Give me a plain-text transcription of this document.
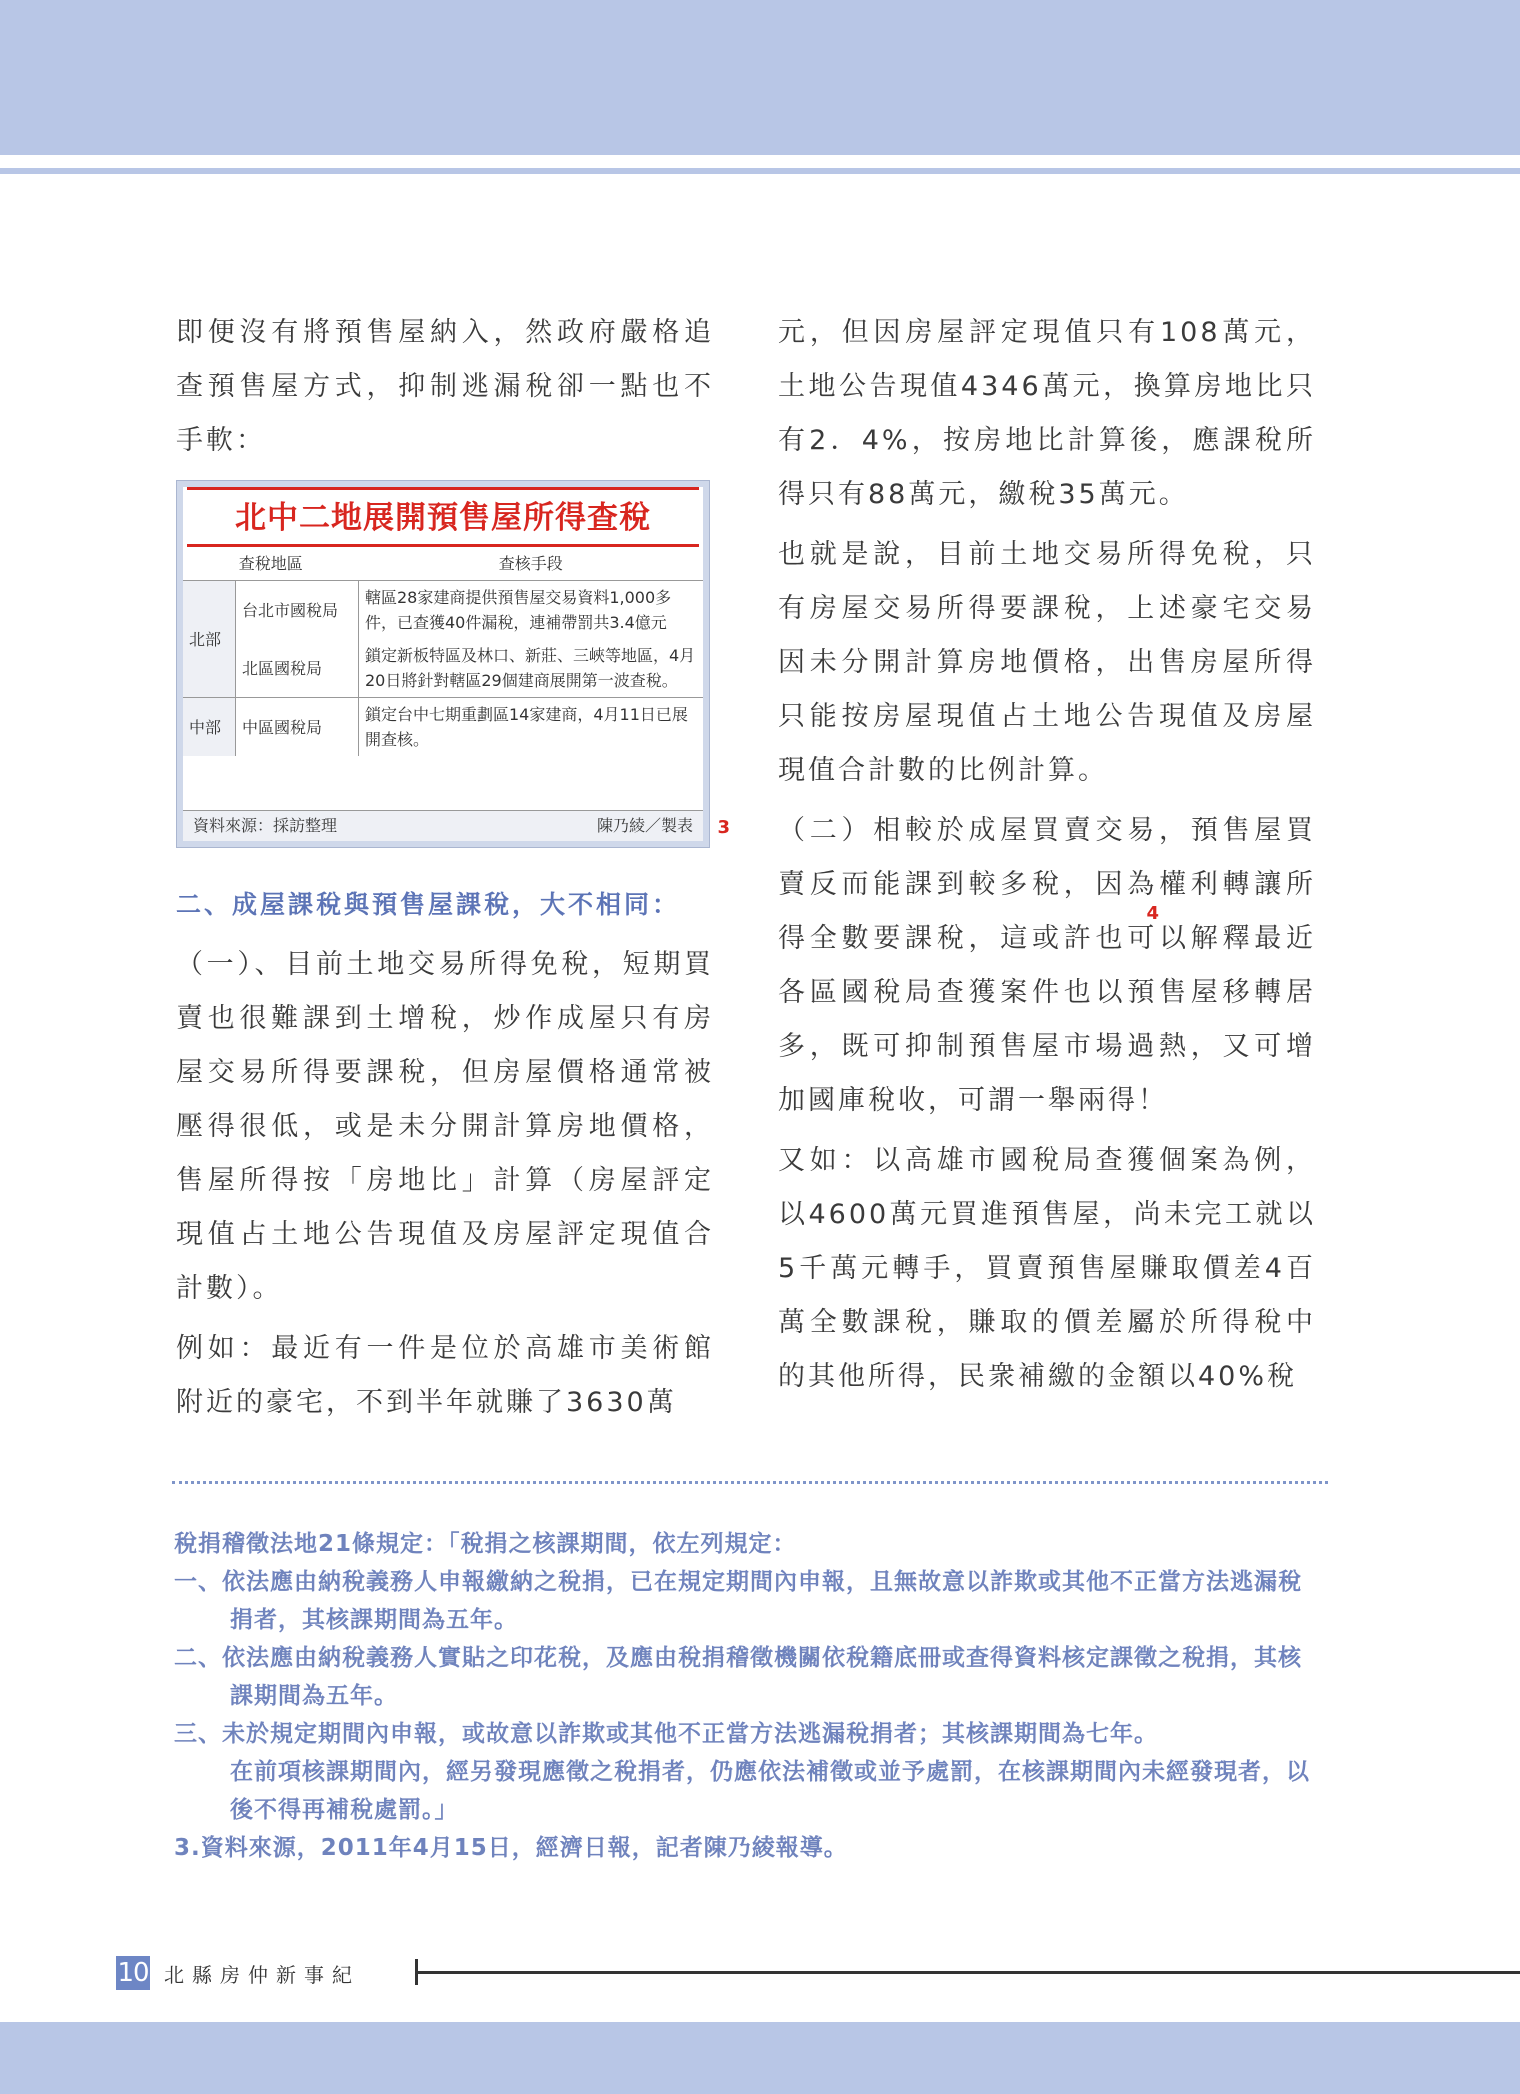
即便沒有將預售屋納入，然政府嚴格追查預售屋方式，抑制逃漏稅卻一點也不手軟：

北中二地展開預售屋所得查稅
查稅地區		查核手段
北部	台北市國稅局	轄區28家建商提供預售屋交易資料1,000多件，已查獲40件漏稅，連補帶罰共3.4億元
	北區國稅局	鎖定新板特區及林口、新莊、三峽等地區，4月20日將針對轄區29個建商展開第一波查稅。
中部	中區國稅局	鎖定台中七期重劃區14家建商，4月11日已展開查核。
資料來源：採訪整理	陳乃綾／製表 3

二、成屋課稅與預售屋課稅，大不相同：

（一）、目前土地交易所得免稅，短期買賣也很難課到土增稅，炒作成屋只有房屋交易所得要課稅，但房屋價格通常被壓得很低，或是未分開計算房地價格，售屋所得按「房地比」計算（房屋評定現值占土地公告現值及房屋評定現值合計數）。

例如：最近有一件是位於高雄市美術館附近的豪宅，不到半年就賺了3630萬

元，但因房屋評定現值只有108萬元，土地公告現值4346萬元，換算房地比只有2．4%，按房地比計算後，應課稅所得只有88萬元，繳稅35萬元。

也就是說，目前土地交易所得免稅，只有房屋交易所得要課稅，上述豪宅交易因未分開計算房地價格，出售房屋所得只能按房屋現值占土地公告現值及房屋現值合計數的比例計算。

（二）相較於成屋買賣交易，預售屋買賣反而能課到較多稅，因為權利轉讓所得全數要課稅
4
，這或許也可以解釋最近各區國稅局查獲案件也以預售屋移轉居多，既可抑制預售屋市場過熱，又可增加國庫稅收，可謂一舉兩得！

又如：以高雄市國稅局查獲個案為例，以4600萬元買進預售屋，尚未完工就以5千萬元轉手，買賣預售屋賺取價差4百萬全數課稅，賺取的價差屬於所得稅中的其他所得，民衆補繳的金額以40%稅

稅捐稽徵法地21條規定：「稅捐之核課期間，依左列規定：

一、依法應由納稅義務人申報繳納之稅捐，已在規定期間內申報，且無故意以詐欺或其他不正當方法逃漏稅捐者，其核課期間為五年。

二、依法應由納稅義務人實貼之印花稅，及應由稅捐稽徵機關依稅籍底冊或查得資料核定課徵之稅捐，其核課期間為五年。

三、未於規定期間內申報，或故意以詐欺或其他不正當方法逃漏稅捐者；其核課期間為七年。

在前項核課期間內，經另發現應徵之稅捐者，仍應依法補徵或並予處罰，在核課期間內未經發現者，以後不得再補稅處罰。」

3.資料來源，2011年4月15日，經濟日報，記者陳乃綾報導。

10 北縣房仲新事紀
